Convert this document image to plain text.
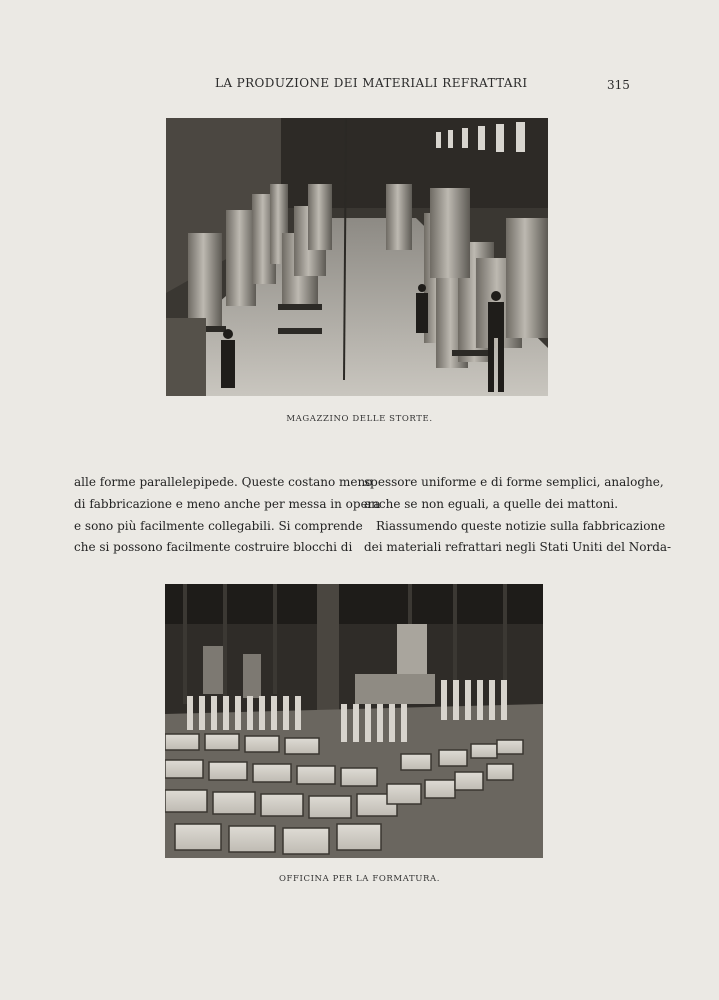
LA PRODUZIONE DEI MATERIALI REFRATTARI	315
MAGAZZINO DELLE STORTE.
alle forme parallelepipede. Queste costano meno
di fabbricazione e meno anche per messa in opera
e sono più facilmente collegabili. Si comprende
che si possono facilmente costruire blocchi di
spessore uniforme e di forme semplici, analoghe,
anche se non eguali, a quelle dei mattoni.
Riassumendo queste notizie sulla fabbricazione
dei materiali refrattari negli Stati Uniti del Norda-
OFFICINA PER LA FORMATURA.
